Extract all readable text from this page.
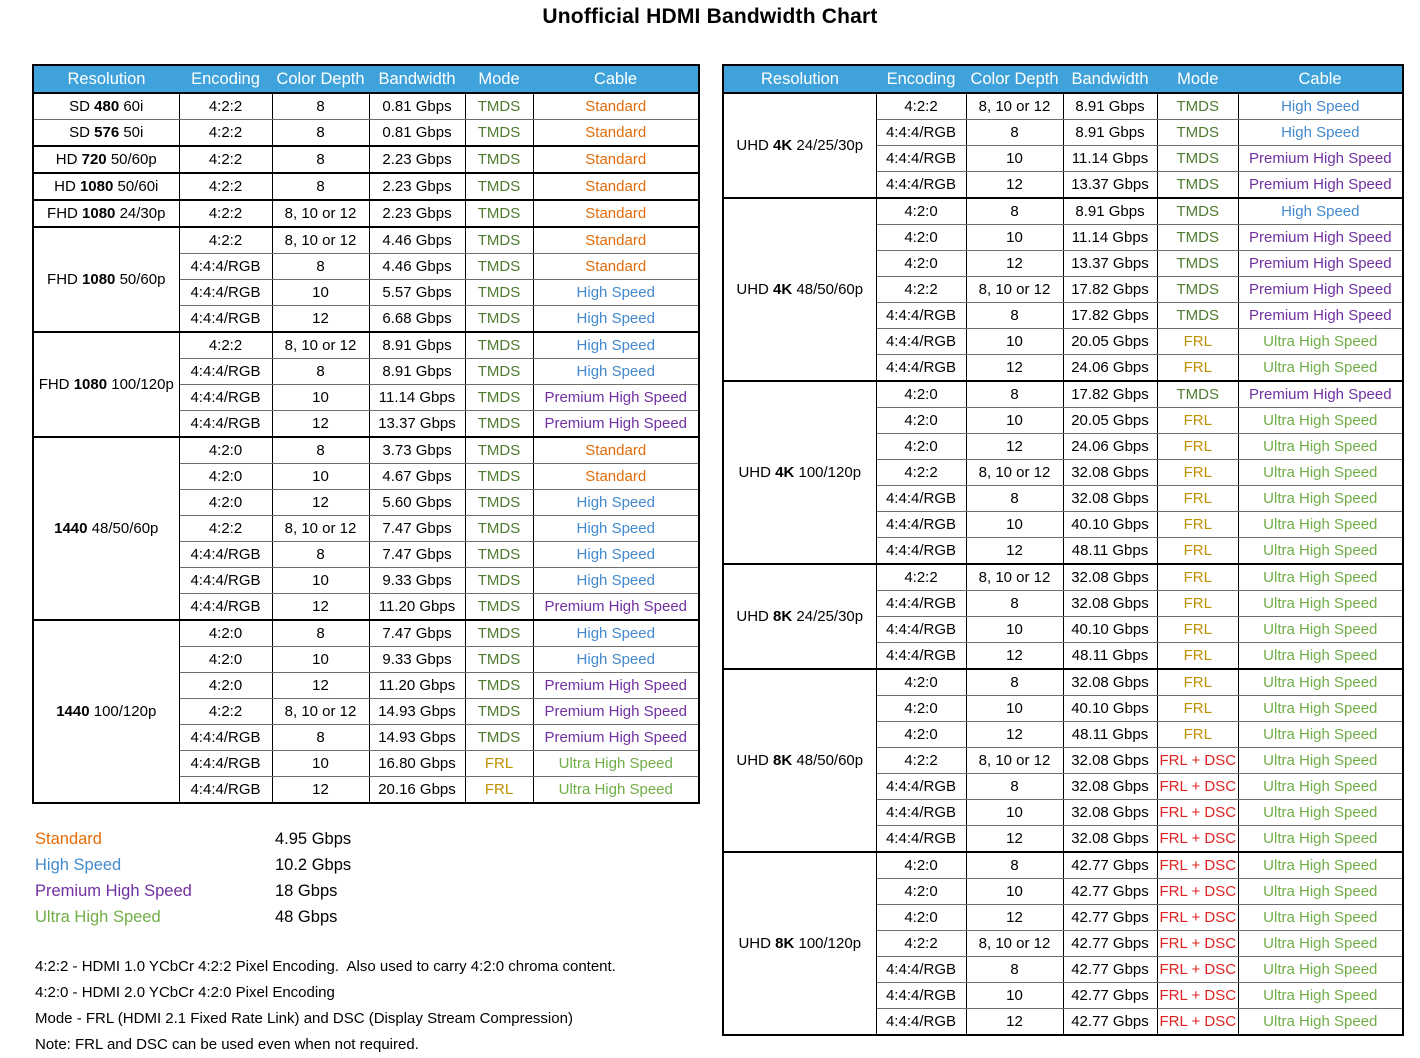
Unofficial HDMI Bandwidth Chart
Resolution	Encoding	Color Depth	Bandwidth	Mode	Cable
SD 480 60i	4:2:2	8	0.81 Gbps	TMDS	Standard
SD 576 50i	4:2:2	8	0.81 Gbps	TMDS	Standard
HD 720 50/60p	4:2:2	8	2.23 Gbps	TMDS	Standard
HD 1080 50/60i	4:2:2	8	2.23 Gbps	TMDS	Standard
FHD 1080 24/30p	4:2:2	8, 10 or 12	2.23 Gbps	TMDS	Standard
FHD 1080 50/60p	4:2:2	8, 10 or 12	4.46 Gbps	TMDS	Standard
	4:4:4/RGB	8	4.46 Gbps	TMDS	Standard
	4:4:4/RGB	10	5.57 Gbps	TMDS	High Speed
	4:4:4/RGB	12	6.68 Gbps	TMDS	High Speed
FHD 1080 100/120p	4:2:2	8, 10 or 12	8.91 Gbps	TMDS	High Speed
	4:4:4/RGB	8	8.91 Gbps	TMDS	High Speed
	4:4:4/RGB	10	11.14 Gbps	TMDS	Premium High Speed
	4:4:4/RGB	12	13.37 Gbps	TMDS	Premium High Speed
1440 48/50/60p	4:2:0	8	3.73 Gbps	TMDS	Standard
	4:2:0	10	4.67 Gbps	TMDS	Standard
	4:2:0	12	5.60 Gbps	TMDS	High Speed
	4:2:2	8, 10 or 12	7.47 Gbps	TMDS	High Speed
	4:4:4/RGB	8	7.47 Gbps	TMDS	High Speed
	4:4:4/RGB	10	9.33 Gbps	TMDS	High Speed
	4:4:4/RGB	12	11.20 Gbps	TMDS	Premium High Speed
1440 100/120p	4:2:0	8	7.47 Gbps	TMDS	High Speed
	4:2:0	10	9.33 Gbps	TMDS	High Speed
	4:2:0	12	11.20 Gbps	TMDS	Premium High Speed
	4:2:2	8, 10 or 12	14.93 Gbps	TMDS	Premium High Speed
	4:4:4/RGB	8	14.93 Gbps	TMDS	Premium High Speed
	4:4:4/RGB	10	16.80 Gbps	FRL	Ultra High Speed
	4:4:4/RGB	12	20.16 Gbps	FRL	Ultra High Speed
Resolution	Encoding	Color Depth	Bandwidth	Mode	Cable
UHD 4K 24/25/30p	4:2:2	8, 10 or 12	8.91 Gbps	TMDS	High Speed
	4:4:4/RGB	8	8.91 Gbps	TMDS	High Speed
	4:4:4/RGB	10	11.14 Gbps	TMDS	Premium High Speed
	4:4:4/RGB	12	13.37 Gbps	TMDS	Premium High Speed
UHD 4K 48/50/60p	4:2:0	8	8.91 Gbps	TMDS	High Speed
	4:2:0	10	11.14 Gbps	TMDS	Premium High Speed
	4:2:0	12	13.37 Gbps	TMDS	Premium High Speed
	4:2:2	8, 10 or 12	17.82 Gbps	TMDS	Premium High Speed
	4:4:4/RGB	8	17.82 Gbps	TMDS	Premium High Speed
	4:4:4/RGB	10	20.05 Gbps	FRL	Ultra High Speed
	4:4:4/RGB	12	24.06 Gbps	FRL	Ultra High Speed
UHD 4K 100/120p	4:2:0	8	17.82 Gbps	TMDS	Premium High Speed
	4:2:0	10	20.05 Gbps	FRL	Ultra High Speed
	4:2:0	12	24.06 Gbps	FRL	Ultra High Speed
	4:2:2	8, 10 or 12	32.08 Gbps	FRL	Ultra High Speed
	4:4:4/RGB	8	32.08 Gbps	FRL	Ultra High Speed
	4:4:4/RGB	10	40.10 Gbps	FRL	Ultra High Speed
	4:4:4/RGB	12	48.11 Gbps	FRL	Ultra High Speed
UHD 8K 24/25/30p	4:2:2	8, 10 or 12	32.08 Gbps	FRL	Ultra High Speed
	4:4:4/RGB	8	32.08 Gbps	FRL	Ultra High Speed
	4:4:4/RGB	10	40.10 Gbps	FRL	Ultra High Speed
	4:4:4/RGB	12	48.11 Gbps	FRL	Ultra High Speed
UHD 8K 48/50/60p	4:2:0	8	32.08 Gbps	FRL	Ultra High Speed
	4:2:0	10	40.10 Gbps	FRL	Ultra High Speed
	4:2:0	12	48.11 Gbps	FRL	Ultra High Speed
	4:2:2	8, 10 or 12	32.08 Gbps	FRL + DSC	Ultra High Speed
	4:4:4/RGB	8	32.08 Gbps	FRL + DSC	Ultra High Speed
	4:4:4/RGB	10	32.08 Gbps	FRL + DSC	Ultra High Speed
	4:4:4/RGB	12	32.08 Gbps	FRL + DSC	Ultra High Speed
UHD 8K 100/120p	4:2:0	8	42.77 Gbps	FRL + DSC	Ultra High Speed
	4:2:0	10	42.77 Gbps	FRL + DSC	Ultra High Speed
	4:2:0	12	42.77 Gbps	FRL + DSC	Ultra High Speed
	4:2:2	8, 10 or 12	42.77 Gbps	FRL + DSC	Ultra High Speed
	4:4:4/RGB	8	42.77 Gbps	FRL + DSC	Ultra High Speed
	4:4:4/RGB	10	42.77 Gbps	FRL + DSC	Ultra High Speed
	4:4:4/RGB	12	42.77 Gbps	FRL + DSC	Ultra High Speed
Standard	4.95 Gbps
High Speed	10.2 Gbps
Premium High Speed	18 Gbps
Ultra High Speed	48 Gbps
4:2:2 - HDMI 1.0 YCbCr 4:2:2 Pixel Encoding.  Also used to carry 4:2:0 chroma content.
4:2:0 - HDMI 2.0 YCbCr 4:2:0 Pixel Encoding
Mode - FRL (HDMI 2.1 Fixed Rate Link) and DSC (Display Stream Compression)
Note: FRL and DSC can be used even when not required.
